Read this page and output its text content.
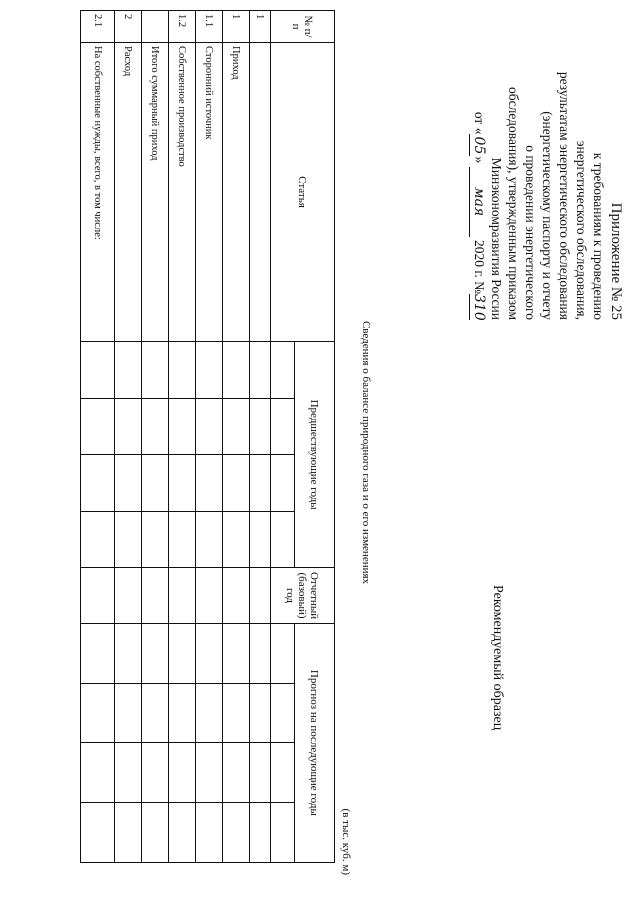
Приложение № 25
к требованиям к проведению
энергетического обследования,
результатам энергетического обследования
(энергетическому паспорту и отчету
о проведении энергетического
обследования), утвержденным приказом
Минэкономразвития России
от «05» мая 2020 г. №310
Рекомендуемый образец
Сведения о балансе природного газа и о его изменениях
(в тыс. куб. м)
№ п/п	Статья	Предшествующие годы				Отчетный (базовый) год	Прогноз на последующие годы			

1										
1	Приход									
1.1	Сторонний источник									
1.2	Собственное производство									
	Итого суммарный приход									
2	Расход									
2.1	На собственные нужды, всего, в том числе:									
